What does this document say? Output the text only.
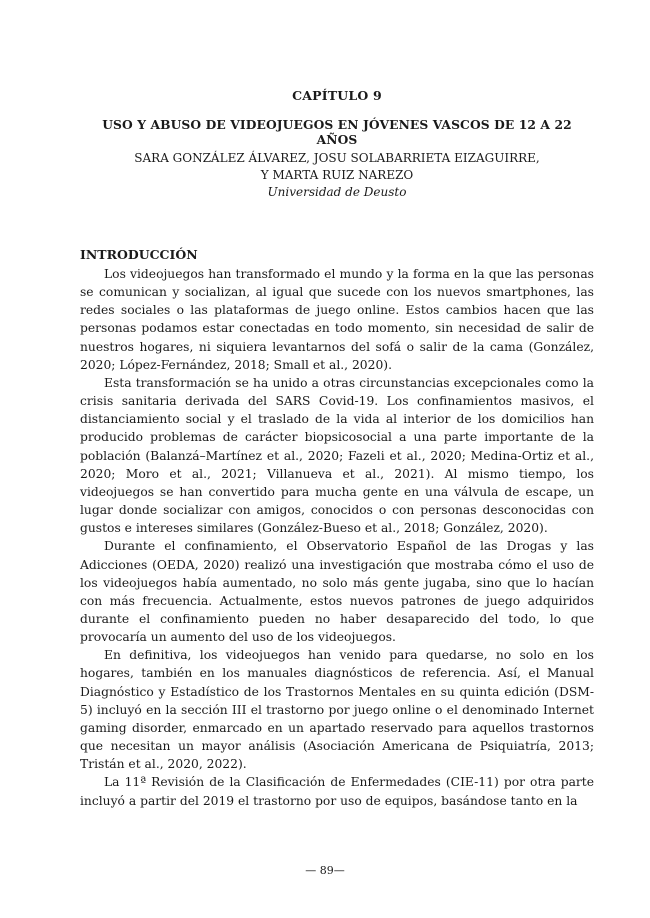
CAPÍTULO 9
USO Y ABUSO DE VIDEOJUEGOS EN JÓVENES VASCOS DE 12 A 22 AÑOS
SARA GONZÁLEZ ÁLVAREZ, JOSU SOLABARRIETA EIZAGUIRRE,
Y MARTA RUIZ NAREZO
Universidad de Deusto
INTRODUCCIÓN

Los videojuegos han transformado el mundo y la forma en la que las personas se comunican y socializan, al igual que sucede con los nuevos smartphones, las redes sociales o las plataformas de juego online. Estos cambios hacen que las personas podamos estar conectadas en todo momento, sin necesidad de salir de nuestros hogares, ni siquiera levantarnos del sofá o salir de la cama (González, 2020; López-Fernández, 2018; Small et al., 2020).

Esta transformación se ha unido a otras circunstancias excepcionales como la crisis sanitaria derivada del SARS Covid-19. Los confinamientos masivos, el distanciamiento social y el traslado de la vida al interior de los domicilios han producido problemas de carácter biopsicosocial a una parte importante de la población (Balanzá–Martínez et al., 2020; Fazeli et al., 2020; Medina-Ortiz et al., 2020; Moro et al., 2021; Villanueva et al., 2021). Al mismo tiempo, los videojuegos se han convertido para mucha gente en una válvula de escape, un lugar donde socializar con amigos, conocidos o con personas desconocidas con gustos e intereses similares (González-Bueso et al., 2018; González, 2020).

Durante el confinamiento, el Observatorio Español de las Drogas y las Adicciones (OEDA, 2020) realizó una investigación que mostraba cómo el uso de los videojuegos había aumentado, no solo más gente jugaba, sino que lo hacían con más frecuencia. Actualmente, estos nuevos patrones de juego adquiridos durante el confinamiento pueden no haber desaparecido del todo, lo que provocaría un aumento del uso de los videojuegos.

En definitiva, los videojuegos han venido para quedarse, no solo en los hogares, también en los manuales diagnósticos de referencia. Así, el Manual Diagnóstico y Estadístico de los Trastornos Mentales en su quinta edición (DSM-5) incluyó en la sección III el trastorno por juego online o el denominado Internet gaming disorder, enmarcado en un apartado reservado para aquellos trastornos que necesitan un mayor análisis (Asociación Americana de Psiquiatría, 2013; Tristán et al., 2020, 2022).

La 11ª Revisión de la Clasificación de Enfermedades (CIE-11) por otra parte incluyó a partir del 2019 el trastorno por uso de equipos, basándose tanto en la

— 89—
